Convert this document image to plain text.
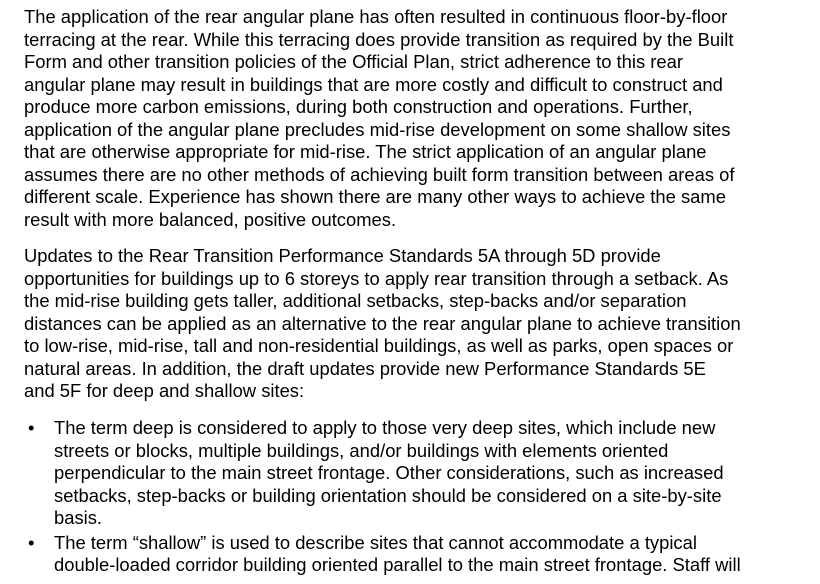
The application of the rear angular plane has often resulted in continuous floor-by-floor
terracing at the rear. While this terracing does provide transition as required by the Built
Form and other transition policies of the Official Plan, strict adherence to this rear
angular plane may result in buildings that are more costly and difficult to construct and
produce more carbon emissions, during both construction and operations. Further,
application of the angular plane precludes mid-rise development on some shallow sites
that are otherwise appropriate for mid-rise. The strict application of an angular plane
assumes there are no other methods of achieving built form transition between areas of
different scale. Experience has shown there are many other ways to achieve the same
result with more balanced, positive outcomes.
Updates to the Rear Transition Performance Standards 5A through 5D provide
opportunities for buildings up to 6 storeys to apply rear transition through a setback. As
the mid-rise building gets taller, additional setbacks, step-backs and/or separation
distances can be applied as an alternative to the rear angular plane to achieve transition
to low-rise, mid-rise, tall and non-residential buildings, as well as parks, open spaces or
natural areas. In addition, the draft updates provide new Performance Standards 5E
and 5F for deep and shallow sites:
• The term deep is considered to apply to those very deep sites, which include new
streets or blocks, multiple buildings, and/or buildings with elements oriented
perpendicular to the main street frontage. Other considerations, such as increased
setbacks, step-backs or building orientation should be considered on a site-by-site
basis.
• The term “shallow” is used to describe sites that cannot accommodate a typical
double-loaded corridor building oriented parallel to the main street frontage. Staff will
